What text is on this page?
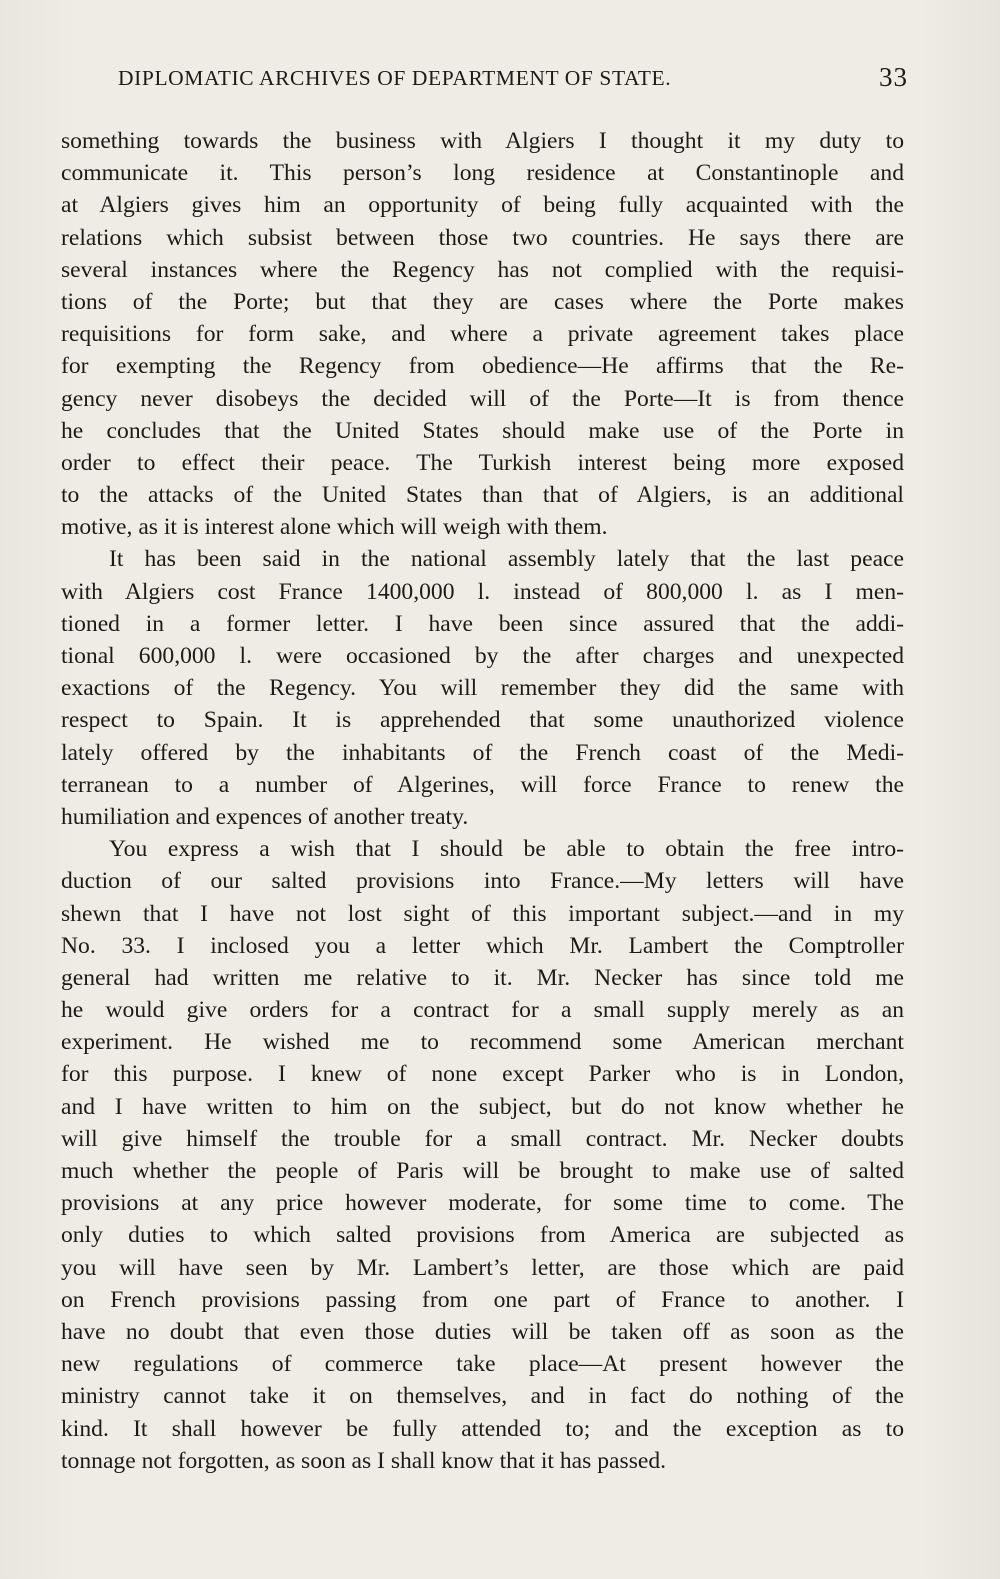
DIPLOMATIC ARCHIVES OF DEPARTMENT OF STATE.	33
something towards the business with Algiers I thought it my duty to
communicate it. This person’s long residence at Constantinople and
at Algiers gives him an opportunity of being fully acquainted with the
relations which subsist between those two countries. He says there are
several instances where the Regency has not complied with the requisi-
tions of the Porte; but that they are cases where the Porte makes
requisitions for form sake, and where a private agreement takes place
for exempting the Regency from obedience—He affirms that the Re-
gency never disobeys the decided will of the Porte—It is from thence
he concludes that the United States should make use of the Porte in
order to effect their peace. The Turkish interest being more exposed
to the attacks of the United States than that of Algiers, is an additional
motive, as it is interest alone which will weigh with them.
It has been said in the national assembly lately that the last peace
with Algiers cost France 1400,000 l. instead of 800,000 l. as I men-
tioned in a former letter. I have been since assured that the addi-
tional 600,000 l. were occasioned by the after charges and unexpected
exactions of the Regency. You will remember they did the same with
respect to Spain. It is apprehended that some unauthorized violence
lately offered by the inhabitants of the French coast of the Medi-
terranean to a number of Algerines, will force France to renew the
humiliation and expences of another treaty.
You express a wish that I should be able to obtain the free intro-
duction of our salted provisions into France.—My letters will have
shewn that I have not lost sight of this important subject.—and in my
No. 33. I inclosed you a letter which Mr. Lambert the Comptroller
general had written me relative to it. Mr. Necker has since told me
he would give orders for a contract for a small supply merely as an
experiment. He wished me to recommend some American merchant
for this purpose. I knew of none except Parker who is in London,
and I have written to him on the subject, but do not know whether he
will give himself the trouble for a small contract. Mr. Necker doubts
much whether the people of Paris will be brought to make use of salted
provisions at any price however moderate, for some time to come. The
only duties to which salted provisions from America are subjected as
you will have seen by Mr. Lambert’s letter, are those which are paid
on French provisions passing from one part of France to another. I
have no doubt that even those duties will be taken off as soon as the
new regulations of commerce take place—At present however the
ministry cannot take it on themselves, and in fact do nothing of the
kind. It shall however be fully attended to; and the exception as to
tonnage not forgotten, as soon as I shall know that it has passed.
